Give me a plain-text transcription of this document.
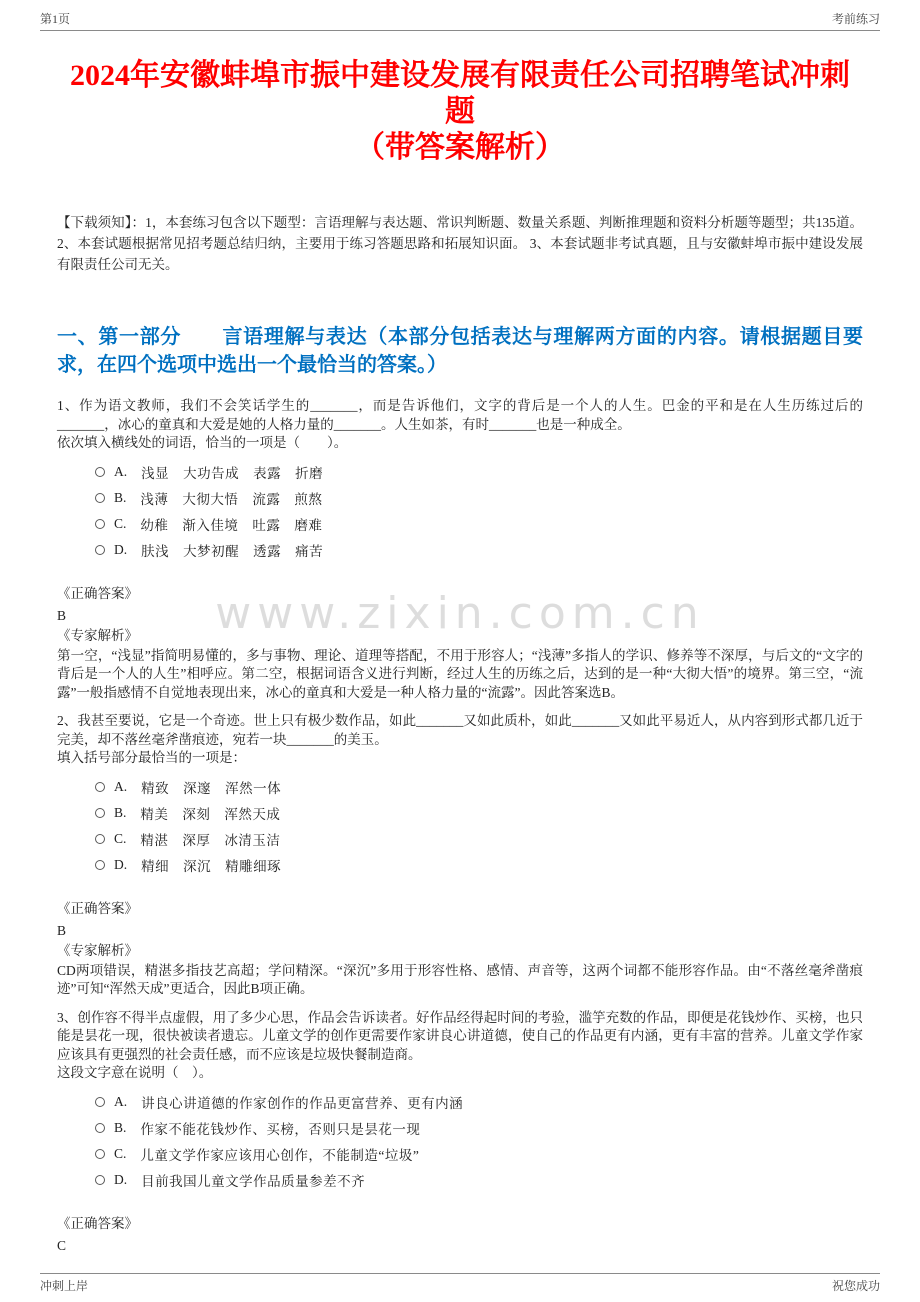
第1页	考前练习
2024年安徽蚌埠市振中建设发展有限责任公司招聘笔试冲刺题
（带答案解析）

【下载须知】：1，本套练习包含以下题型：言语理解与表达题、常识判断题、数量关系题、判断推理题和资料分析题等题型；共135道。 2、本套试题根据常见招考题总结归纳，主要用于练习答题思路和拓展知识面。 3、本套试题非考试真题，且与安徽蚌埠市振中建设发展有限责任公司无关。

一、第一部分　　言语理解与表达（本部分包括表达与理解两方面的内容。请根据题目要求，在四个选项中选出一个最恰当的答案。）

1、作为语文教师，我们不会笑话学生的_______，而是告诉他们，文字的背后是一个人的人生。巴金的平和是在人生历练过后的_______，冰心的童真和大爱是她的人格力量的_______。人生如茶，有时_______也是一种成全。

依次填入横线处的词语，恰当的一项是（　　）。

A. 浅显　大功告成　表露　折磨
B. 浅薄　大彻大悟　流露　煎熬
C. 幼稚　渐入佳境　吐露　磨难
D. 肤浅　大梦初醒　透露　痛苦

《正确答案》

B

《专家解析》

第一空，“浅显”指简明易懂的，多与事物、理论、道理等搭配，不用于形容人；“浅薄”多指人的学识、修养等不深厚，与后文的“文字的背后是一个人的人生”相呼应。第二空，根据词语含义进行判断，经过人生的历练之后，达到的是一种“大彻大悟”的境界。第三空，“流露”一般指感情不自觉地表现出来，冰心的童真和大爱是一种人格力量的“流露”。因此答案选B。

2、我甚至要说，它是一个奇迹。世上只有极少数作品，如此_______又如此质朴，如此_______又如此平易近人，从内容到形式都几近于完美，却不落丝毫斧凿痕迹，宛若一块_______的美玉。

填入括号部分最恰当的一项是：

A. 精致　深邃　浑然一体
B. 精美　深刻　浑然天成
C. 精湛　深厚　冰清玉洁
D. 精细　深沉　精雕细琢

《正确答案》

B

《专家解析》

CD两项错误，精湛多指技艺高超；学问精深。“深沉”多用于形容性格、感情、声音等，这两个词都不能形容作品。由“不落丝毫斧凿痕迹”可知“浑然天成”更适合，因此B项正确。

3、创作容不得半点虚假，用了多少心思，作品会告诉读者。好作品经得起时间的考验，滥竽充数的作品，即便是花钱炒作、买榜，也只能是昙花一现，很快被读者遗忘。儿童文学的创作更需要作家讲良心讲道德，使自己的作品更有内涵，更有丰富的营养。儿童文学作家应该具有更强烈的社会责任感，而不应该是垃圾快餐制造商。

这段文字意在说明（　）。

A. 讲良心讲道德的作家创作的作品更富营养、更有内涵
B. 作家不能花钱炒作、买榜，否则只是昙花一现
C. 儿童文学作家应该用心创作，不能制造“垃圾”
D. 目前我国儿童文学作品质量参差不齐

《正确答案》

C

www.zixin.com.cn
冲刺上岸	祝您成功
